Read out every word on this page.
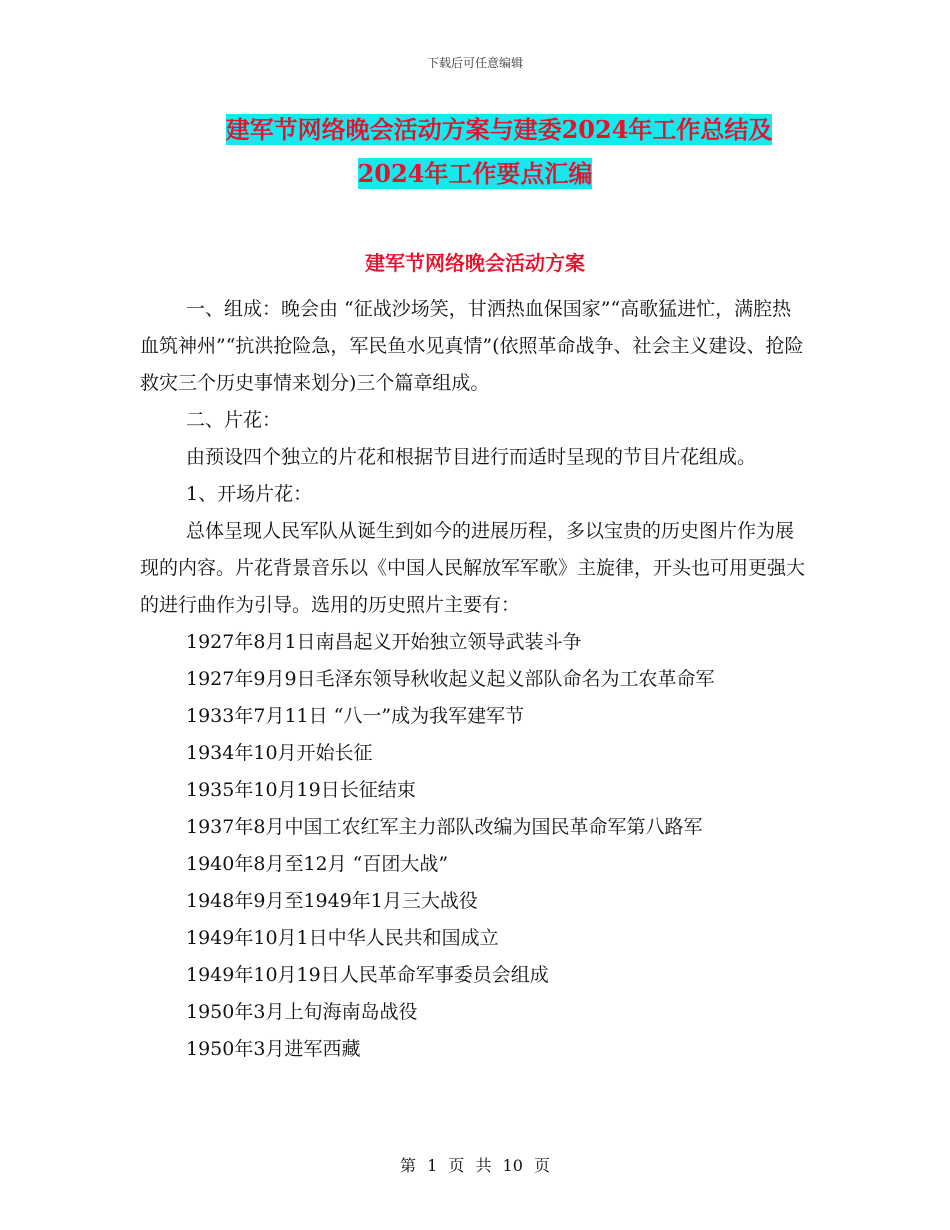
下载后可任意编辑
建军节网络晚会活动方案与建委2024年工作总结及
2024年工作要点汇编
建军节网络晚会活动方案

一、组成：晚会由 “征战沙场笑，甘洒热血保国家”“高歌猛进忙，满腔热血筑神州”“抗洪抢险急，军民鱼水见真情”(依照革命战争、社会主义建设、抢险救灾三个历史事情来划分)三个篇章组成。

二、片花：

由预设四个独立的片花和根据节目进行而适时呈现的节目片花组成。

1、开场片花：

总体呈现人民军队从诞生到如今的进展历程，多以宝贵的历史图片作为展现的内容。片花背景音乐以《中国人民解放军军歌》主旋律，开头也可用更强大的进行曲作为引导。选用的历史照片主要有：

1927年8月1日南昌起义开始独立领导武装斗争

1927年9月9日毛泽东领导秋收起义起义部队命名为工农革命军

1933年7月11日 “八一”成为我军建军节

1934年10月开始长征

1935年10月19日长征结束

1937年8月中国工农红军主力部队改编为国民革命军第八路军

1940年8月至12月 “百团大战”

1948年9月至1949年1月三大战役

1949年10月1日中华人民共和国成立

1949年10月19日人民革命军事委员会组成

1950年3月上旬海南岛战役

1950年3月进军西藏

第 1 页 共 10 页
